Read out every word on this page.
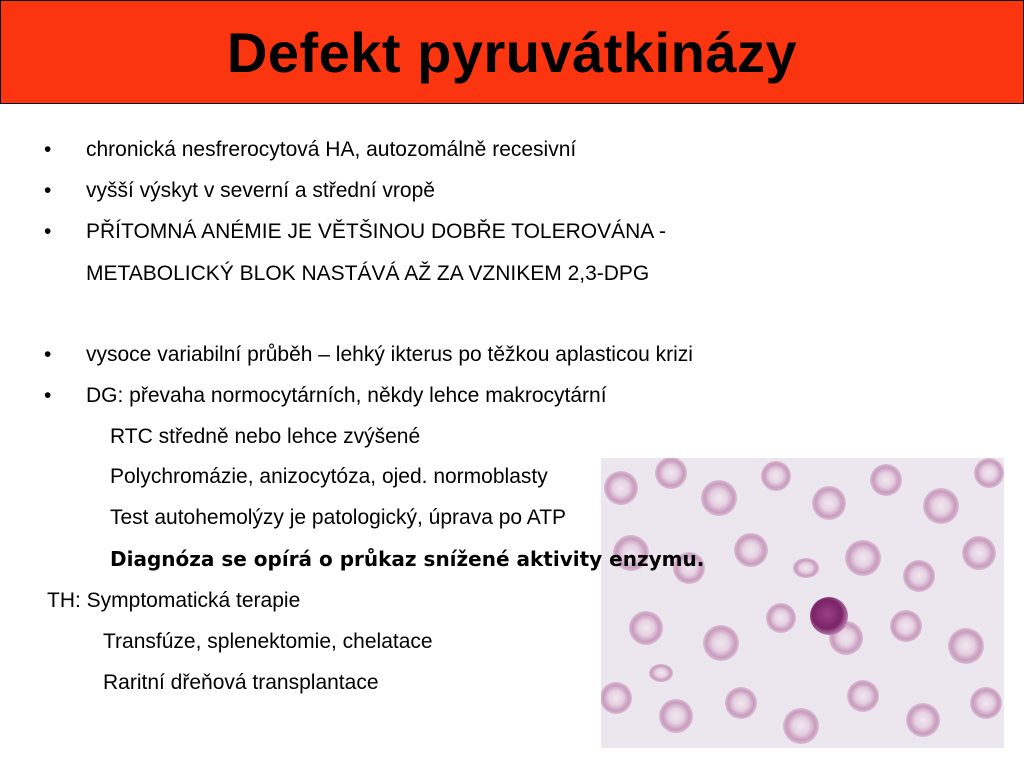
Defekt pyruvátkinázy
• chronická nesfrerocytová HA, autozomálně recesivní
• vyšší výskyt v severní a střední vropě
• PŘÍTOMNÁ ANÉMIE JE VĚTŠINOU DOBŘE TOLEROVÁNA -
METABOLICKÝ BLOK NASTÁVÁ AŽ ZA VZNIKEM 2,3-DPG
• vysoce variabilní průběh – lehký ikterus po těžkou aplasticou krizi
• DG: převaha normocytárních, někdy lehce makrocytární
RTC středně nebo lehce zvýšené
Polychromázie, anizocytóza, ojed. normoblasty
Test autohemolýzy je patologický, úprava po ATP
Diagnóza se opírá o průkaz snížené aktivity enzymu.
TH: Symptomatická terapie
Transfúze, splenektomie, chelatace
Raritní dřeňová transplantace
